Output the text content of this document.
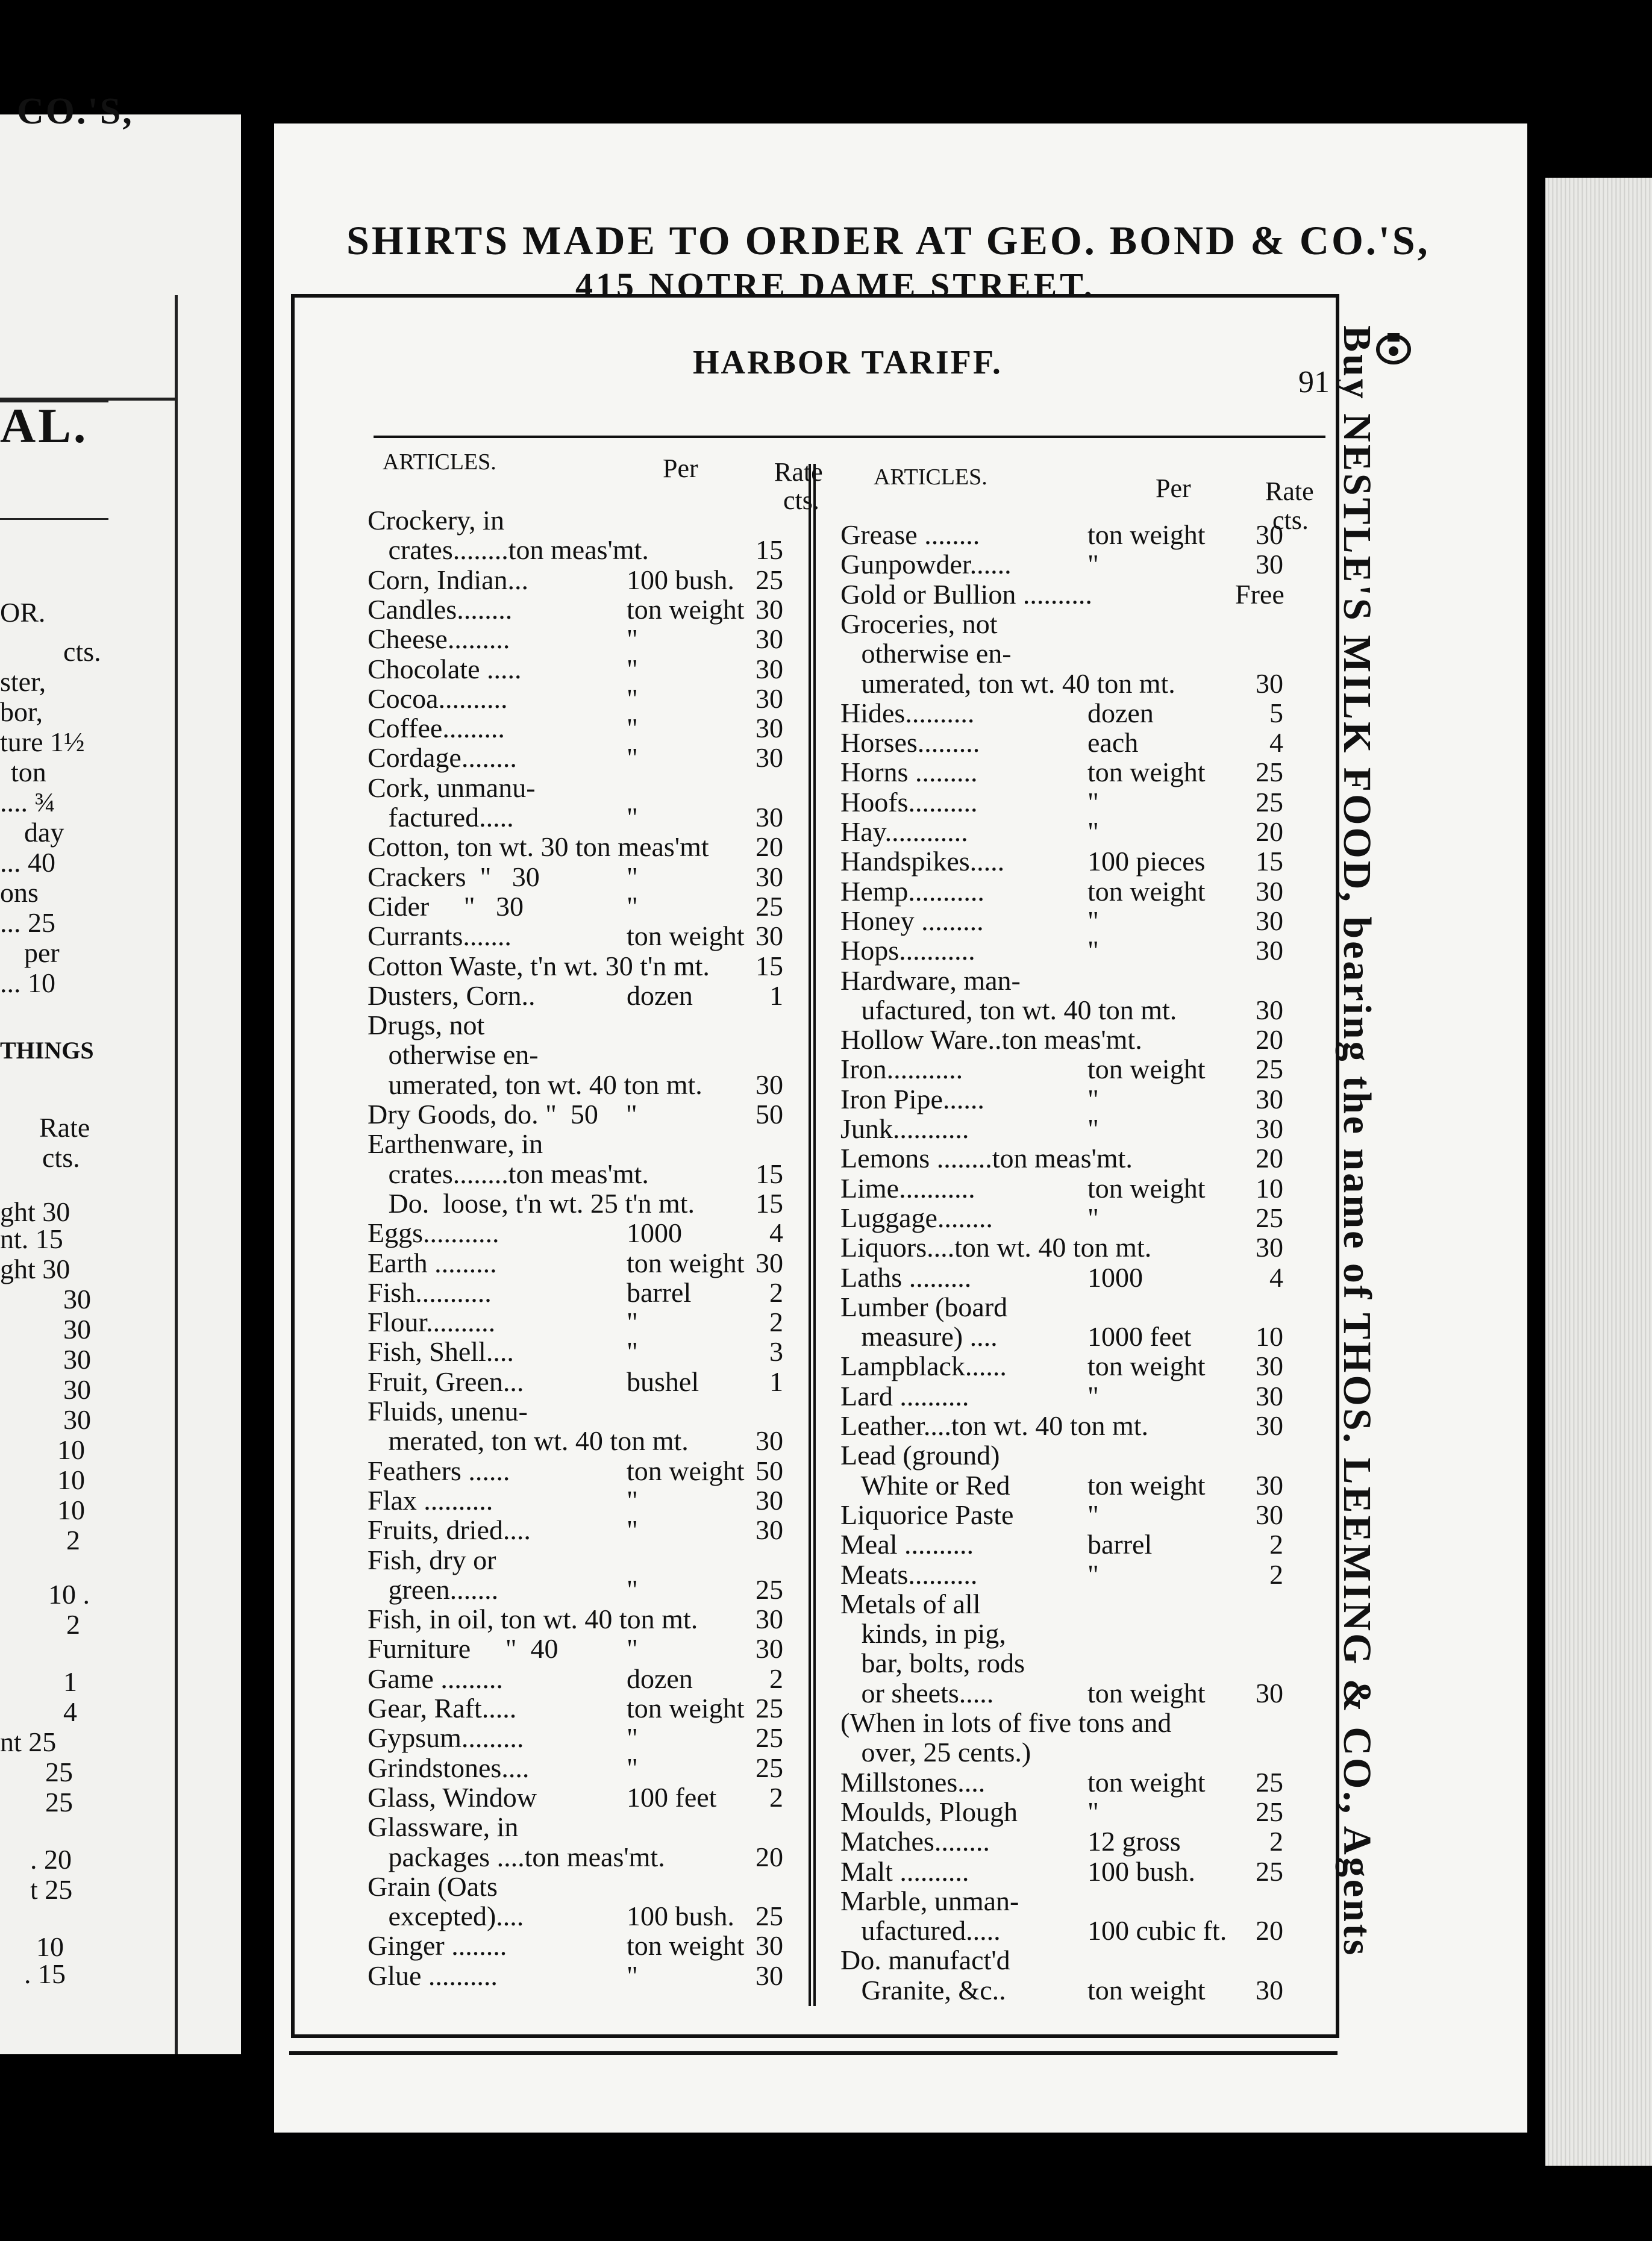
CO.'S,
AL.
OR.
cts.
ster,
bor,
ture 1½
ton
.... ¾
day
... 40
ons
... 25
per
... 10
THINGS
Rate
cts.
ght 30
nt. 15
ght 30
30
30
30
30
30
10
10
10
2
10 .
2
1
4
nt 25
25
25
. 20
t 25
10
. 15
SHIRTS MADE TO ORDER AT GEO. BOND & CO.'S,
415 NOTRE DAME STREET.
HARBOR TARIFF.
91
ARTICLES.	Per	Rate
cts.
ARTICLES.	Per	Rate
cts.
Crockery, in
crates........ton meas'mt.	15
Corn, Indian...	100 bush. 25
Candles........	ton weight 30
Cheese.........	"	30
Chocolate .....	"	30
Cocoa..........	"	30
Coffee.........	"	30
Cordage........	"	30
Cork, unmanu-
factured.....	"	30
Cotton, ton wt. 30 ton meas'mt	20
Crackers  "   30	"	30
Cider     "   30	"	25
Currants.......	ton weight 30
Cotton Waste, t'n wt. 30 t'n mt.	15
Dusters, Corn..	dozen	1
Drugs, not
otherwise en-
umerated, ton wt. 40 ton mt.	30
Dry Goods, do. "  50    "	50
Earthenware, in
crates........ton meas'mt.	15
Do.  loose, t'n wt. 25 t'n mt.	15
Eggs...........	1000	4
Earth .........	ton weight 30
Fish...........	barrel	2
Flour..........	"	2
Fish, Shell....	"	3
Fruit, Green...	bushel	1
Fluids, unenu-
merated, ton wt. 40 ton mt.	30
Feathers ......	ton weight 50
Flax ..........	"	30
Fruits, dried....	"	30
Fish, dry or
green.......	"	25
Fish, in oil, ton wt. 40 ton mt.	30
Furniture     "  40 "	30
Game .........	dozen	2
Gear, Raft.....	ton weight 25
Gypsum.........	"	25
Grindstones....	"	25
Glass, Window	100 feet	2
Glassware, in
packages ....ton meas'mt.	20
Grain (Oats
excepted)....	100 bush. 25
Ginger ........	ton weight 30
Glue ..........	"	30
Grease ........	ton weight	30
Gunpowder......	"	30
Gold or Bullion ..........	Free
Groceries, not
otherwise en-
umerated, ton wt. 40 ton mt.	30
Hides..........	dozen	5
Horses.........	each	4
Horns .........	ton weight	25
Hoofs..........	"	25
Hay............	"	20
Handspikes.....	100 pieces	15
Hemp...........	ton weight	30
Honey .........	"	30
Hops...........	"	30
Hardware, man-
ufactured, ton wt. 40 ton mt.	30
Hollow Ware..ton meas'mt.	20
Iron...........	ton weight	25
Iron Pipe......	"	30
Junk...........	"	30
Lemons ........ton meas'mt.	20
Lime...........	ton weight	10
Luggage........	"	25
Liquors....ton wt. 40 ton mt.	30
Laths .........	1000	4
Lumber (board
measure) ....	1000 feet	10
Lampblack......	ton weight	30
Lard ..........	"	30
Leather....ton wt. 40 ton mt.	30
Lead (ground)
White or Red	ton weight	30
Liquorice Paste	"	30
Meal ..........	barrel	2
Meats..........	"	2
Metals of all
kinds, in pig,
bar, bolts, rods
or sheets.....	ton weight	30
(When in lots of five tons and
over, 25 cents.)
Millstones....	ton weight	25
Moulds, Plough	"	25
Matches........	12 gross	2
Malt ..........	100 bush.	25
Marble, unman-
ufactured.....	100 cubic ft.	20
Do. manufact'd
Granite, &c..	ton weight	30
Buy NESTLE'S MILK FOOD, bearing the name of THOS. LEEMING & CO., Agents
